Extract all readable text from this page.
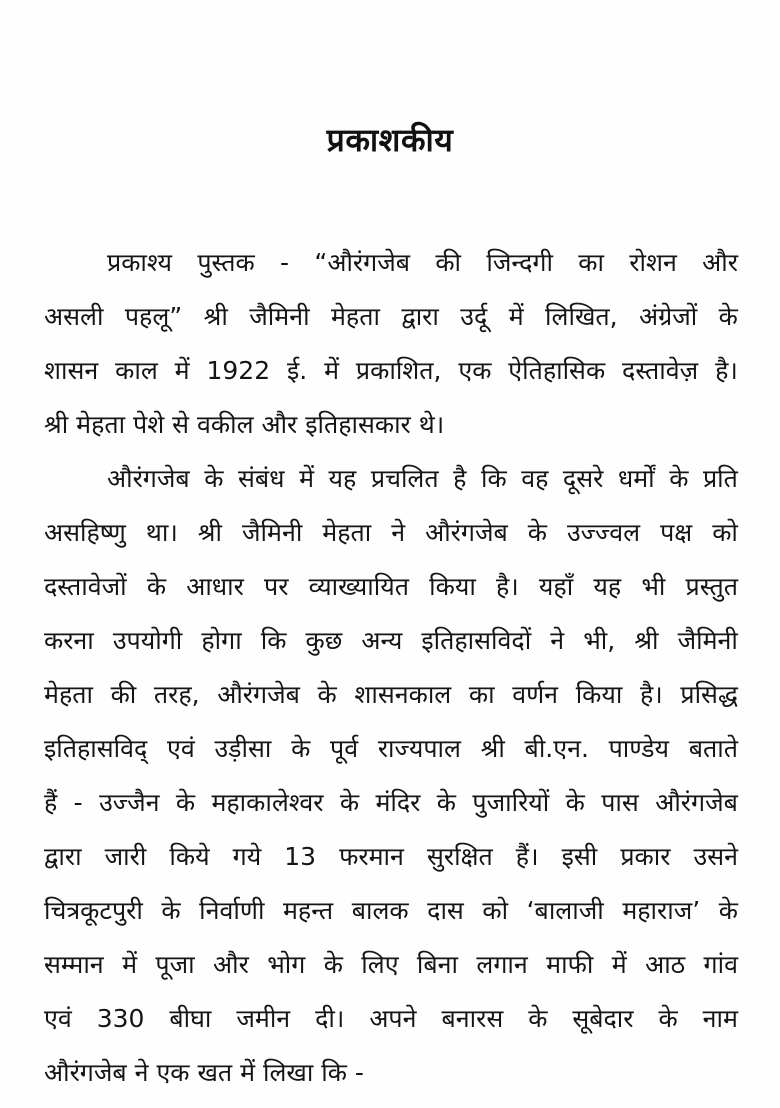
प्रकाशकीय
प्रकाश्य पुस्तक - “औरंगजेब की जिन्दगी का रोशन और
असली पहलू” श्री जैमिनी मेहता द्वारा उर्दू में लिखित, अंग्रेजों के
शासन काल में 1922 ई. में प्रकाशित, एक ऐतिहासिक दस्तावेज़ है।
श्री मेहता पेशे से वकील और इतिहासकार थे।
औरंगजेब के संबंध में यह प्रचलित है कि वह दूसरे धर्मों के प्रति
असहिष्णु था। श्री जैमिनी मेहता ने औरंगजेब के उज्ज्वल पक्ष को
दस्तावेजों के आधार पर व्याख्यायित किया है। यहाँ यह भी प्रस्तुत
करना उपयोगी होगा कि कुछ अन्य इतिहासविदों ने भी, श्री जैमिनी
मेहता की तरह, औरंगजेब के शासनकाल का वर्णन किया है। प्रसिद्ध
इतिहासविद् एवं उड़ीसा के पूर्व राज्यपाल श्री बी.एन. पाण्डेय बताते
हैं - उज्जैन के महाकालेश्वर के मंदिर के पुजारियों के पास औरंगजेब
द्वारा जारी किये गये 13 फरमान सुरक्षित हैं। इसी प्रकार उसने
चित्रकूटपुरी के निर्वाणी महन्त बालक दास को ‘बालाजी महाराज’ के
सम्मान में पूजा और भोग के लिए बिना लगान माफी में आठ गांव
एवं 330 बीघा जमीन दी। अपने बनारस के सूबेदार के नाम
औरंगजेब ने एक खत में लिखा कि -
